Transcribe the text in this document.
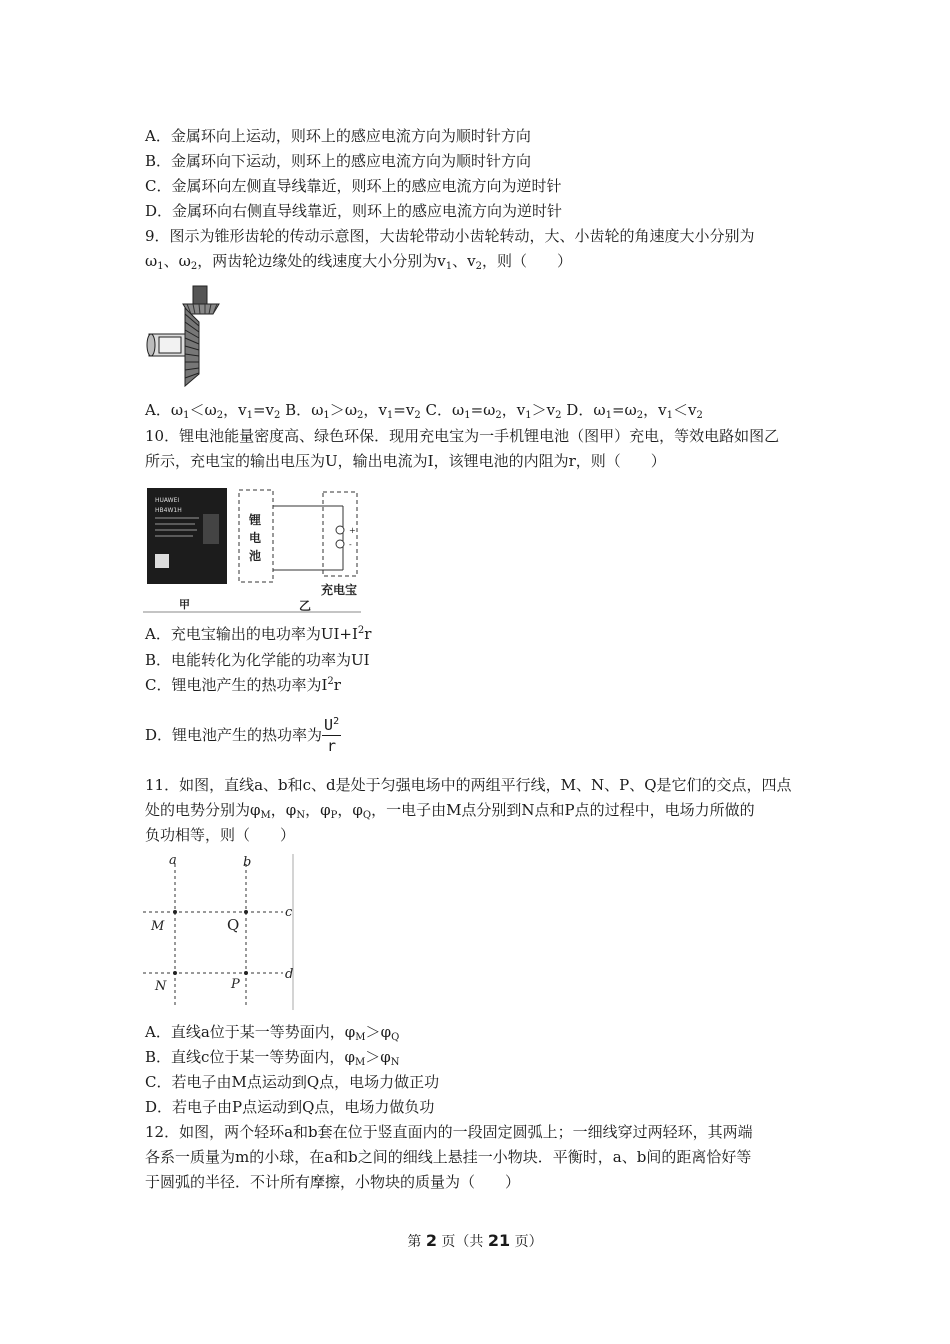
A．金属环向上运动，则环上的感应电流方向为顺时针方向
B．金属环向下运动，则环上的感应电流方向为顺时针方向
C．金属环向左侧直导线靠近，则环上的感应电流方向为逆时针
D．金属环向右侧直导线靠近，则环上的感应电流方向为逆时针
9．图示为锥形齿轮的传动示意图，大齿轮带动小齿轮转动，大、小齿轮的角速度大小分别为
$\omega_1$、$\omega_2$，两齿轮边缘处的线速度大小分别为$v_1$、$v_2$，则（　　）
A．$\omega_1<\omega_2$，$v_1=v_2$ B．$\omega_1>\omega_2$，$v_1=v_2$ C．$\omega_1=\omega_2$，$v_1>v_2$ D．$\omega_1=\omega_2$，$v_1<v_2$
10．锂电池能量密度高、绿色环保．现用充电宝为一手机锂电池（图甲）充电，等效电路如图乙
所示，充电宝的输出电压为U，输出电流为I，该锂电池的内阻为r，则（　　）
HUAWEI
HB4W1H
锂
电
池
+
-
充电宝
甲	乙
A．充电宝输出的电功率为$UI+I^2r$
B．电能转化为化学能的功率为UI
C．锂电池产生的热功率为$I^2r$
D．锂电池产生的热功率为 $\frac{U^2}{r}$
11．如图，直线a、b和c、d是处于匀强电场中的两组平行线，M、N、P、Q是它们的交点，四点
处的电势分别为$\varphi_M$，$\varphi_N$，$\varphi_P$，$\varphi_Q$，一电子由M点分别到N点和P点的过程中，电场力所做的
负功相等，则（　　）
a	b
c
d
M	Q
N	P
A．直线a位于某一等势面内，$\varphi_M>\varphi_Q$
B．直线c位于某一等势面内，$\varphi_M>\varphi_N$
C．若电子由M点运动到Q点，电场力做正功
D．若电子由P点运动到Q点，电场力做负功
12．如图，两个轻环a和b套在位于竖直面内的一段固定圆弧上；一细线穿过两轻环，其两端
各系一质量为m的小球，在a和b之间的细线上悬挂一小物块．平衡时，a、b间的距离恰好等
于圆弧的半径．不计所有摩擦，小物块的质量为（　　）
第 2 页（共 21 页）
